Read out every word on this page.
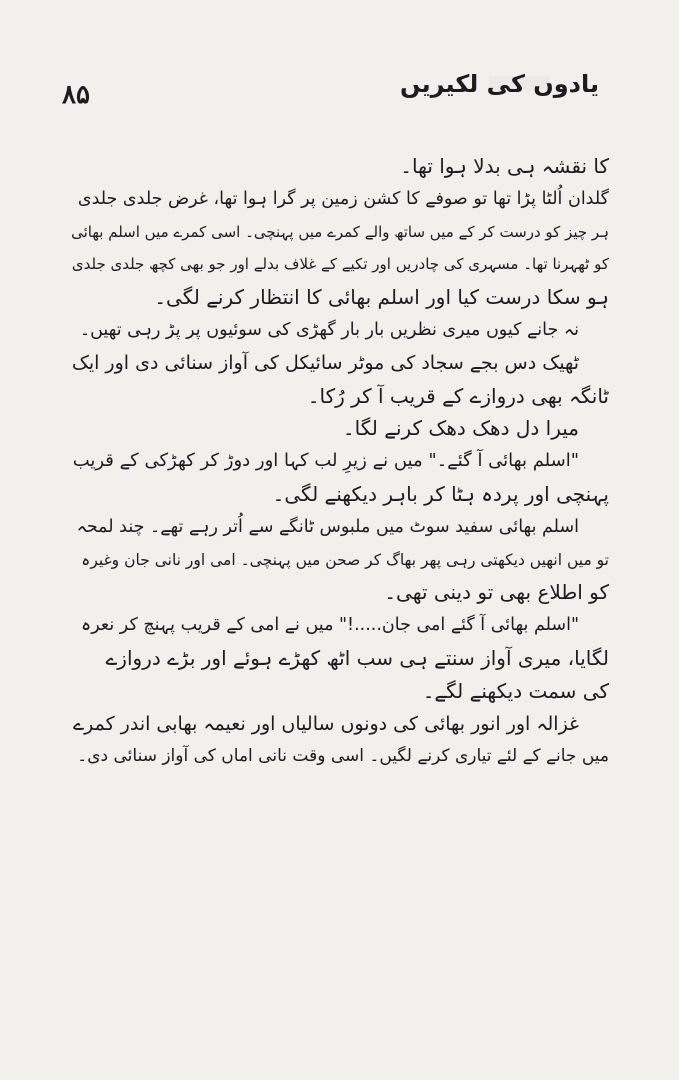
۸۵	یادوں کی لکیریں
کا نقشہ ہی بدلا ہوا تھا۔
گلدان اُلٹا پڑا تھا تو صوفے کا کشن زمین پر گرا ہوا تھا، غرض جلدی جلدی
ہر چیز کو درست کر کے میں ساتھ والے کمرے میں پہنچی۔ اسی کمرے میں اسلم بھائی
کو ٹھہرنا تھا۔ مسہری کی چادریں اور تکیے کے غلاف بدلے اور جو بھی کچھ جلدی جلدی
ہو سکا درست کیا اور اسلم بھائی کا انتظار کرنے لگی۔
نہ جانے کیوں میری نظریں بار بار گھڑی کی سوئیوں پر پڑ رہی تھیں۔
ٹھیک دس بجے سجاد کی موٹر سائیکل کی آواز سنائی دی اور ایک
ٹانگہ بھی دروازے کے قریب آ کر رُکا۔
میرا دل دھک دھک کرنے لگا۔
"اسلم بھائی آ گئے۔" میں نے زیرِ لب کہا اور دوڑ کر کھڑکی کے قریب
پہنچی اور پردہ ہٹا کر باہر دیکھنے لگی۔
اسلم بھائی سفید سوٹ میں ملبوس ٹانگے سے اُتر رہے تھے۔ چند لمحہ
تو میں انھیں دیکھتی رہی پھر بھاگ کر صحن میں پہنچی۔ امی اور نانی جان وغیرہ
کو اطلاع بھی تو دینی تھی۔
"اسلم بھائی آ گئے امی جان.....!" میں نے امی کے قریب پہنچ کر نعرہ
لگایا، میری آواز سنتے ہی سب اٹھ کھڑے ہوئے اور بڑے دروازے
کی سمت دیکھنے لگے۔
غزالہ اور انور بھائی کی دونوں سالیاں اور نعیمہ بھابی اندر کمرے
میں جانے کے لئے تیاری کرنے لگیں۔ اسی وقت نانی اماں کی آواز سنائی دی۔
